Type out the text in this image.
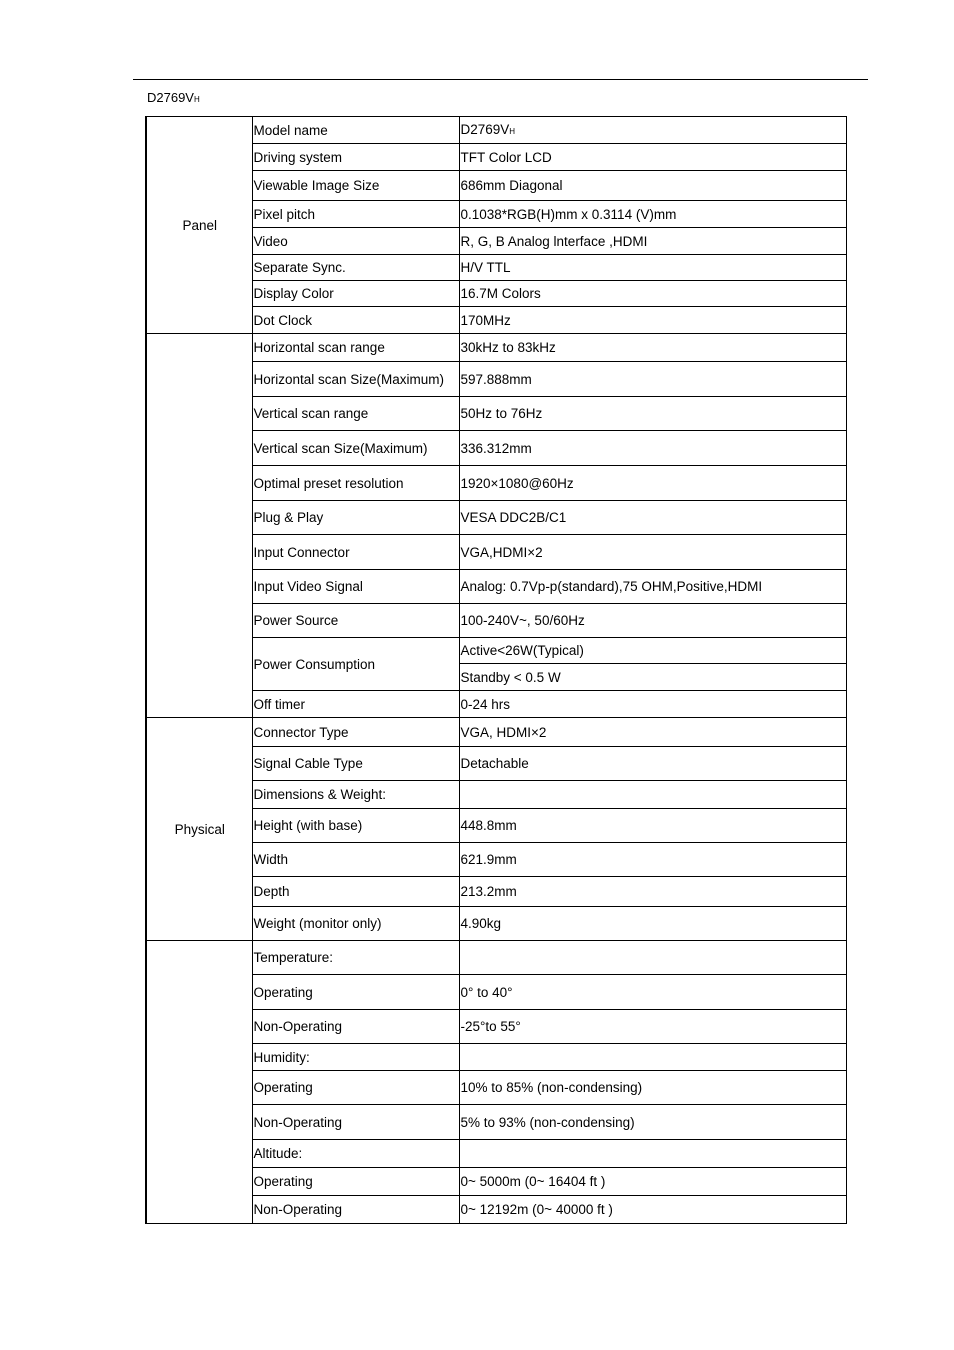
D2769VH
Panel	Model name	D2769VH
	Driving system	TFT Color LCD
	Viewable Image Size	686mm Diagonal
	Pixel pitch	0.1038*RGB(H)mm x 0.3114 (V)mm
	Video	R, G, B Analog lnterface ,HDMI
	Separate Sync.	H/V TTL
	Display Color	16.7M Colors
	Dot Clock	170MHz
	Horizontal scan range	30kHz to 83kHz
	Horizontal scan Size(Maximum)	597.888mm
	Vertical scan range	50Hz to 76Hz
	Vertical scan Size(Maximum)	336.312mm
	Optimal preset resolution	1920×1080@60Hz
	Plug & Play	VESA DDC2B/C1
	Input Connector	VGA,HDMI×2
	Input Video Signal	Analog: 0.7Vp-p(standard),75 OHM,Positive,HDMI
	Power Source	100-240V~, 50/60Hz
	Power Consumption	Active<26W(Typical)
		Standby < 0.5 W
	Off timer	0-24 hrs
Physical	Connector Type	VGA, HDMI×2
	Signal Cable Type	Detachable
	Dimensions & Weight:	
	Height (with base)	448.8mm
	Width	621.9mm
	Depth	213.2mm
	Weight (monitor only)	4.90kg
	Temperature:	
	Operating	0° to 40°
	Non-Operating	-25°to 55°
	Humidity:	
	Operating	10% to 85% (non-condensing)
	Non-Operating	5% to 93% (non-condensing)
	Altitude:	
	Operating	0~ 5000m (0~ 16404 ft )
	Non-Operating	0~ 12192m (0~ 40000 ft )
